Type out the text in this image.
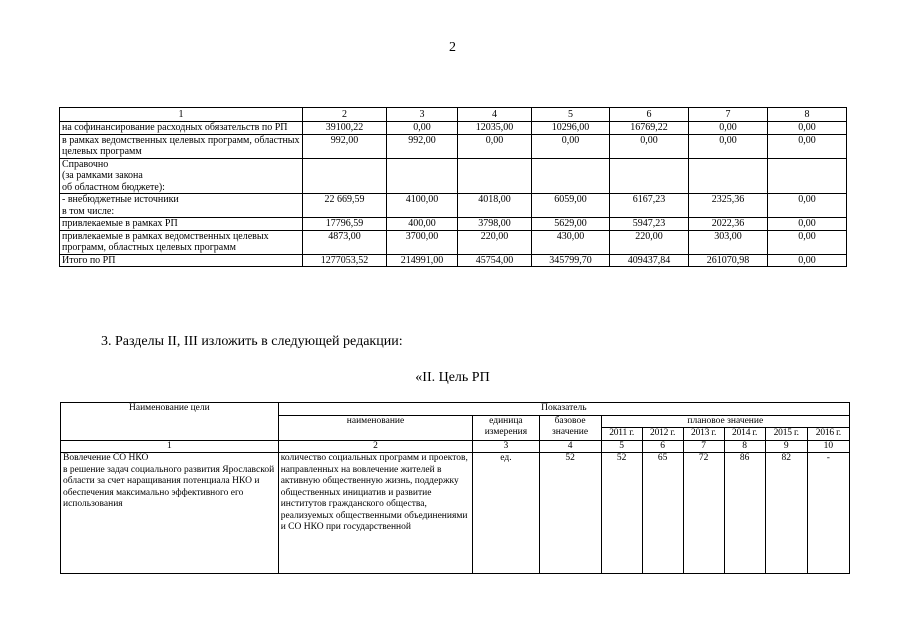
2
1	2	3	4	5	6	7	8
на софинансирование расходных обязательств по РП	39100,22	0,00	12035,00	10296,00	16769,22	0,00	0,00
в рамках ведомственных целевых программ, областных целевых программ	992,00	992,00	0,00	0,00	0,00	0,00	0,00
Справочно
(за рамками закона
об областном бюджете):							
- внебюджетные источники
в том числе:	22 669,59	4100,00	4018,00	6059,00	6167,23	2325,36	0,00
привлекаемые в рамках РП	17796,59	400,00	3798,00	5629,00	5947,23	2022,36	0,00
привлекаемые в рамках ведомственных целевых программ, областных целевых программ	4873,00	3700,00	220,00	430,00	220,00	303,00	0,00
Итого по РП	1277053,52	214991,00	45754,00	345799,70	409437,84	261070,98	0,00
3. Разделы II, III изложить в следующей редакции:
«II. Цель РП
Наименование цели	Показатель								
	наименование	единица измерения	базовое значение	плановое значение					
				2011 г.	2012 г.	2013 г.	2014 г.	2015 г.	2016 г.
1	2	3	4	5	6	7	8	9	10
Вовлечение СО НКО
в решение задач социального развития Ярославской области за счет наращивания потенциала НКО и обеспечения максимально эффективного его использования	количество социальных программ и проектов, направленных на вовлечение жителей в активную общественную жизнь, поддержку общественных инициатив и развитие институтов гражданского общества, реализуемых общественными объединениями и СО НКО при государственной	ед.	52	52	65	72	86	82	-
